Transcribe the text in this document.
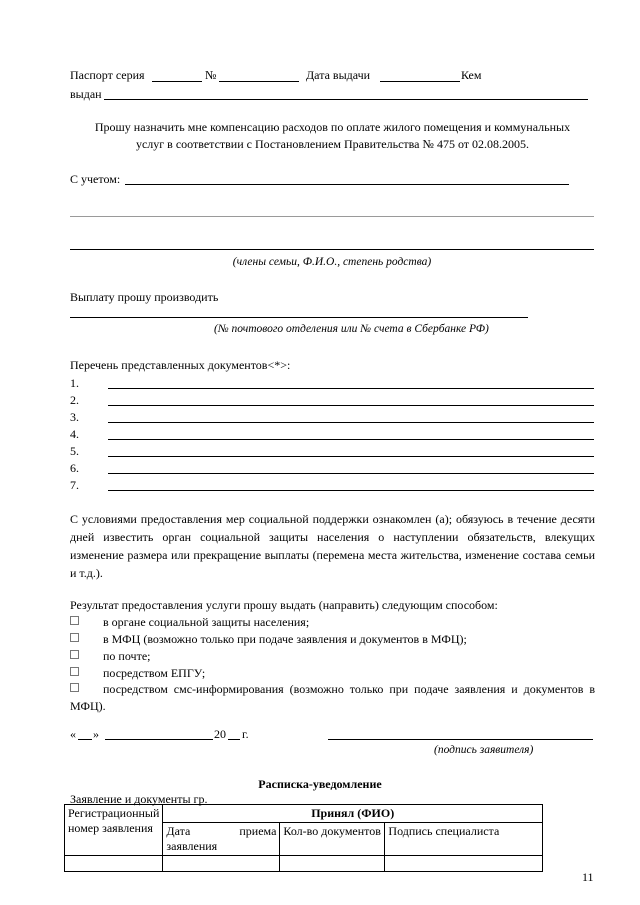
Паспорт серия	№	Дата выдачи	Кем
выдан
Прошу назначить мне компенсацию расходов по оплате жилого помещения и коммунальных
услуг в соответствии с Постановлением Правительства № 475 от 02.08.2005.
С учетом:
(члены семьи, Ф.И.О., степень родства)
Выплату прошу производить
(№ почтового отделения или № счета в Сбербанке РФ)
Перечень представленных документов<*>:
1.
2.
3.
4.
5.
6.
7.
С условиями предоставления мер социальной поддержки ознакомлен (а); обязуюсь в течение десяти дней известить орган социальной защиты населения о наступлении обязательств, влекущих изменение размера или прекращение выплаты (перемена места жительства, изменение состава семьи и т.д.).
Результат предоставления услуги прошу выдать (направить) следующим способом:
в органе социальной защиты населения;
в МФЦ (возможно только при подаче заявления и документов в МФЦ);
по почте;
посредством ЕПГУ;
посредством смс-информирования (возможно только при подаче заявления и документов в МФЦ).
« »	20 г.
(подпись заявителя)
Расписка-уведомление
Заявление и документы гр.
Регистрационный номер заявления	Принял (ФИО)		
	Дата приема заявления	Кол-во документов	Подпись специалиста

11
